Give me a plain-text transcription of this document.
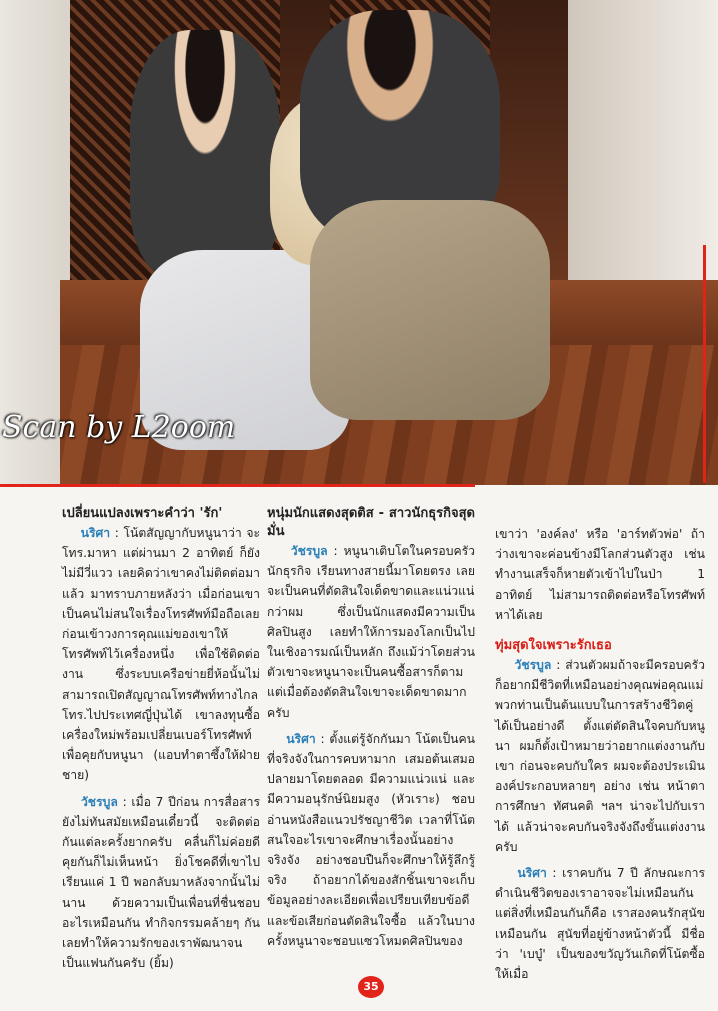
Scan by L2oom

เปลี่ยนแปลงเพราะคำว่า 'รัก'

นริศา : โน้ตสัญญากับหนูนาว่า จะโทร.มาหา แต่ผ่านมา 2 อาทิตย์ ก็ยังไม่มีวี่แวว เลยคิดว่าเขาคงไม่ติดต่อมาแล้ว มาทราบภายหลังว่า เมื่อก่อนเขาเป็นคนไม่สนใจเรื่องโทรศัพท์มือถือเลย ก่อนเข้าวงการคุณแม่ของเขาให้โทรศัพท์ไว้เครื่องหนึ่ง เพื่อใช้ติดต่องาน ซึ่งระบบเครือข่ายยี่ห้อนั้นไม่สามารถเปิดสัญญาณโทรศัพท์ทางไกลโทร.ไปประเทศญี่ปุ่นได้ เขาลงทุนซื้อเครื่องใหม่พร้อมเปลี่ยนเบอร์โทรศัพท์ เพื่อคุยกับหนูนา (แอบทำตาซึ้งให้ฝ่ายชาย)

วัชรบูล : เมื่อ 7 ปีก่อน การสื่อสารยังไม่ทันสมัยเหมือนเดี๋ยวนี้ จะติดต่อกันแต่ละครั้งยากครับ คลื่นก็ไม่ค่อยดี คุยกันก็ไม่เห็นหน้า ยิ่งโชคดีที่เขาไปเรียนแค่ 1 ปี พอกลับมาหลังจากนั้นไม่นาน ด้วยความเป็นเพื่อนที่ชื่นชอบอะไรเหมือนกัน ทำกิจกรรมคล้ายๆ กัน เลยทำให้ความรักของเราพัฒนาจนเป็นแฟนกันครับ (ยิ้ม)

หนุ่มนักแสดงสุดติส - สาวนักธุรกิจสุดมั่น

วัชรบูล : หนูนาเติบโตในครอบครัวนักธุรกิจ เรียนทางสายนี้มาโดยตรง เลยจะเป็นคนที่ตัดสินใจเด็ดขาดและแน่วแน่กว่าผม ซึ่งเป็นนักแสดงมีความเป็นศิลปินสูง เลยทำให้การมองโลกเป็นไปในเชิงอารมณ์เป็นหลัก ถึงแม้ว่าโดยส่วนตัวเขาจะหนูนาจะเป็นคนซื้อสารก็ตาม แต่เมื่อต้องตัดสินใจเขาจะเด็ดขาดมากครับ

นริศา : ตั้งแต่รู้จักกันมา โน้ตเป็นคนที่จริงจังในการคบหามาก เสมอต้นเสมอปลายมาโดยตลอด มีความแน่วแน่ และมีความอนุรักษ์นิยมสูง (หัวเราะ) ชอบอ่านหนังสือแนวปรัชญาชีวิต เวลาที่โน้ตสนใจอะไรเขาจะศึกษาเรื่องนั้นอย่างจริงจัง อย่างชอบปืนก็จะศึกษาให้รู้ลึกรู้จริง ถ้าอยากได้ของสักชิ้นเขาจะเก็บข้อมูลอย่างละเอียดเพื่อเปรียบเทียบข้อดีและข้อเสียก่อนตัดสินใจซื้อ แล้วในบางครั้งหนูนาจะชอบแซวโหมดศิลปินของ

เขาว่า 'องค์ลง' หรือ 'อาร์ทตัวพ่อ' ถ้าว่างเขาจะค่อนข้างมีโลกส่วนตัวสูง เช่น ทำงานเสร็จก็หายตัวเข้าไปในป่า 1 อาทิตย์ ไม่สามารถติดต่อหรือโทรศัพท์หาได้เลย

ทุ่มสุดใจเพราะรักเธอ

วัชรบูล : ส่วนตัวผมถ้าจะมีครอบครัวก็อยากมีชีวิตที่เหมือนอย่างคุณพ่อคุณแม่ พวกท่านเป็นต้นแบบในการสร้างชีวิตคู่ได้เป็นอย่างดี ตั้งแต่ตัดสินใจคบกับหนูนา ผมก็ตั้งเป้าหมายว่าอยากแต่งงานกับเขา ก่อนจะคบกับใคร ผมจะต้องประเมินองค์ประกอบหลายๆ อย่าง เช่น หน้าตา การศึกษา ทัศนคติ ฯลฯ น่าจะไปกับเราได้ แล้วน่าจะคบกันจริงจังถึงขั้นแต่งงานครับ

นริศา : เราคบกัน 7 ปี ลักษณะการดำเนินชีวิตของเราอาจจะไม่เหมือนกัน แต่สิ่งที่เหมือนกันก็คือ เราสองคนรักสุนัขเหมือนกัน สุนัขที่อยู่ข้างหน้าตัวนี้ มีชื่อว่า 'เบบู๋' เป็นของขวัญวันเกิดที่โน้ตซื้อให้เมื่อ

35
